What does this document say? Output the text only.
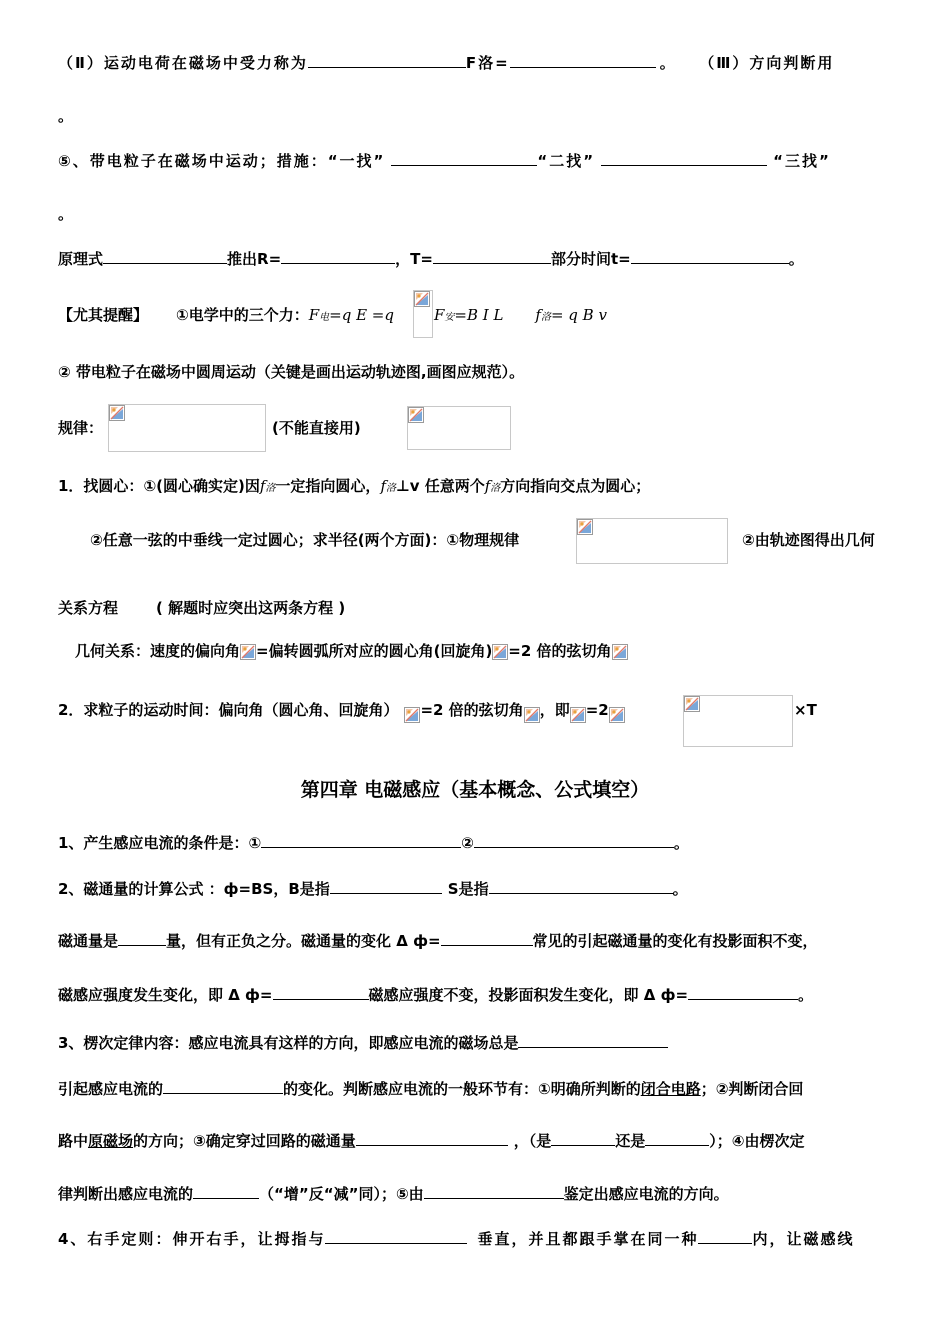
（Ⅱ）运动电荷在磁场中受力称为	F洛=	。 （Ⅲ）方向判断用
。
⑤、带电粒子在磁场中运动；措施：“一找”	“二找”	“三找”
。
原理式	推出R=	，T=	部分时间t=	。
【尤其提醒】 ①电学中的三个力：F电=q E =q	F安=B I L f洛= q B v
② 带电粒子在磁场中圆周运动（关键是画出运动轨迹图,画图应规范）。
规律：	(不能直接用)
1．找圆心：①(圆心确实定)因f洛一定指向圆心，f洛⊥v 任意两个f洛方向指向交点为圆心；
②任意一弦的中垂线一定过圆心；求半径(两个方面)：①物理规律	②由轨迹图得出几何
关系方程	( 解题时应突出这两条方程 )
几何关系：速度的偏向角 =偏转圆弧所对应的圆心角(回旋角) =2 倍的弦切角
2．求粒子的运动时间：偏向角（圆心角、回旋角） =2 倍的弦切角 ，即 =2	×T
第四章 电磁感应（基本概念、公式填空）
1、产生感应电流的条件是：①	②	。
2、磁通量的计算公式 ：ф=BS，B是指	S是指	。
磁通量是	量，但有正负之分。磁通量的变化 Δ ф=	常见的引起磁通量的变化有投影面积不变，
磁感应强度发生变化，即 Δ ф=	磁感应强度不变，投影面积发生变化，即 Δ ф=	。
3、楞次定律内容：感应电流具有这样的方向，即感应电流的磁场总是
引起感应电流的	的变化。判断感应电流的一般环节有：①明确所判断的闭合电路；②判断闭合回
路中原磁场的方向；③确定穿过回路的磁通量	，（是	还是	）；④由楞次定
律判断出感应电流的	（“增”反“减”同）；⑤由	鉴定出感应电流的方向。
4、右手定则：伸开右手，让拇指与	垂直，并且都跟手掌在同一种	内，让磁感线
